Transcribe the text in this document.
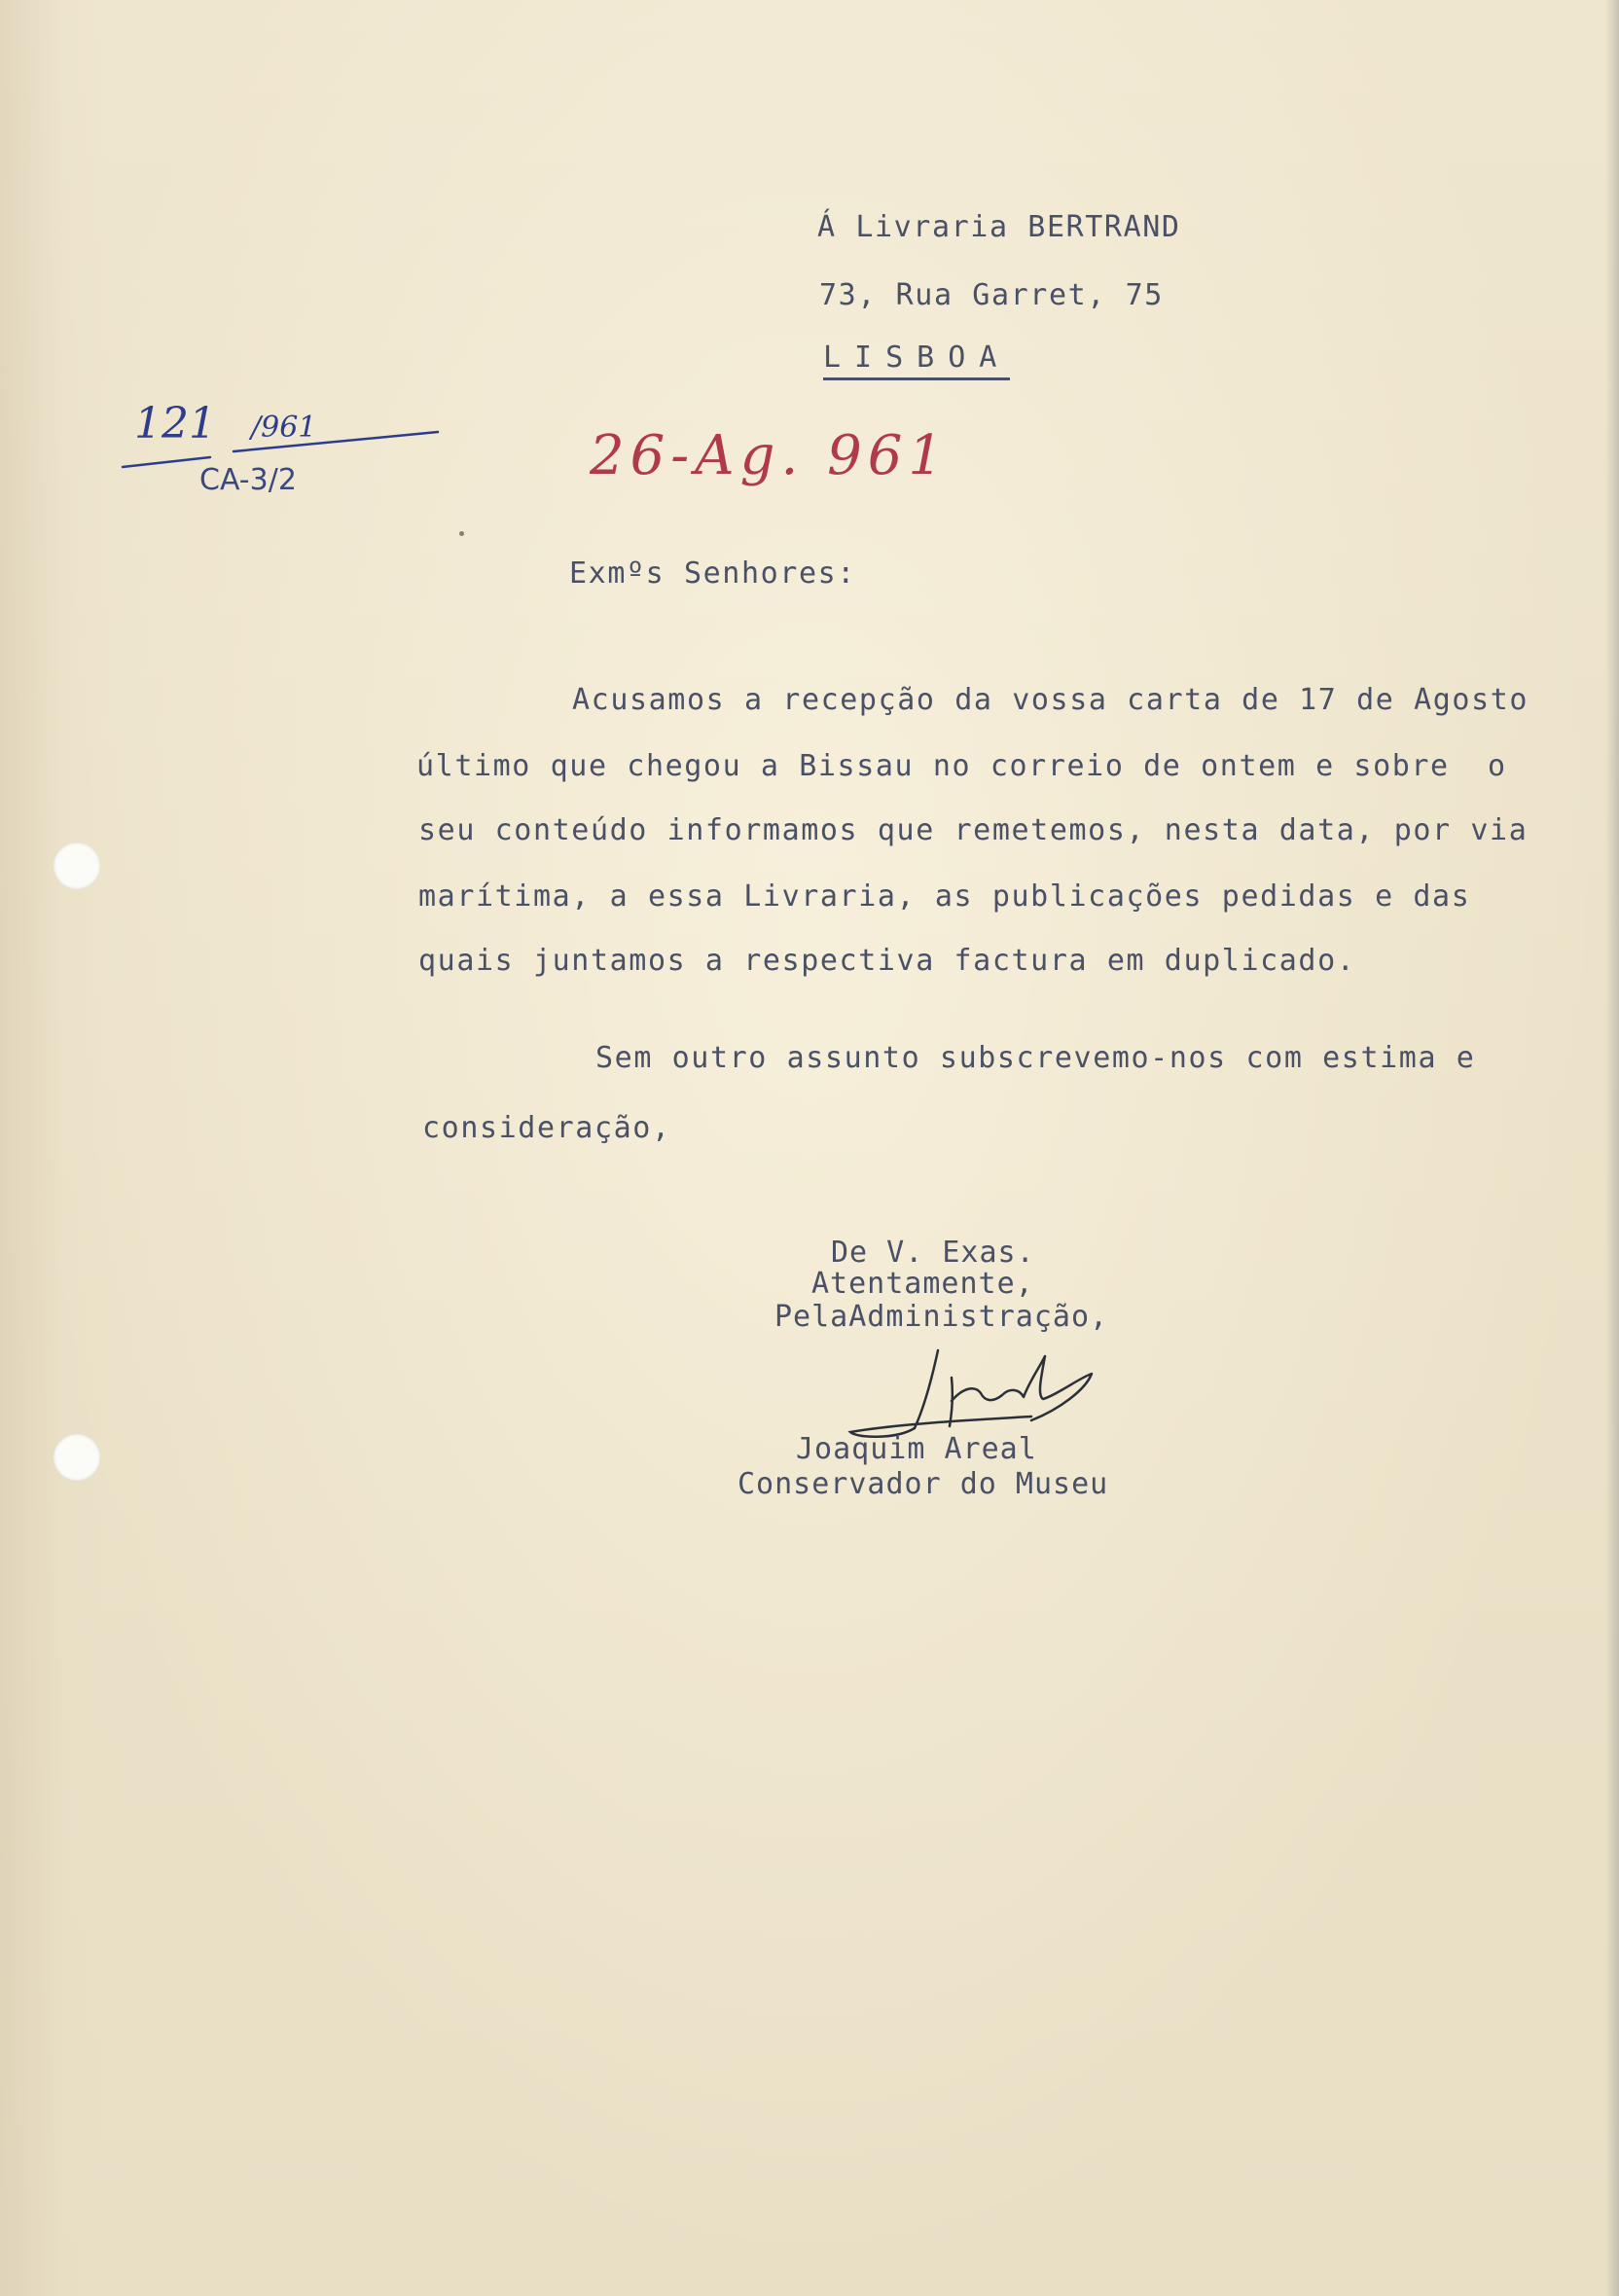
Á Livraria BERTRAND
73, Rua Garret, 75
LISBOA
121 /961
CA-3/2	26-Ag. 961
Exmºs Senhores:
Acusamos a recepção da vossa carta de 17 de Agosto
último que chegou a Bissau no correio de ontem e sobre  o
seu conteúdo informamos que remetemos, nesta data, por via
marítima, a essa Livraria, as publicações pedidas e das
quais juntamos a respectiva factura em duplicado.
Sem outro assunto subscrevemo-nos com estima e
consideração,
De V. Exas.
Atentamente,
PelaAdministração,
Joaquim Areal
Conservador do Museu
